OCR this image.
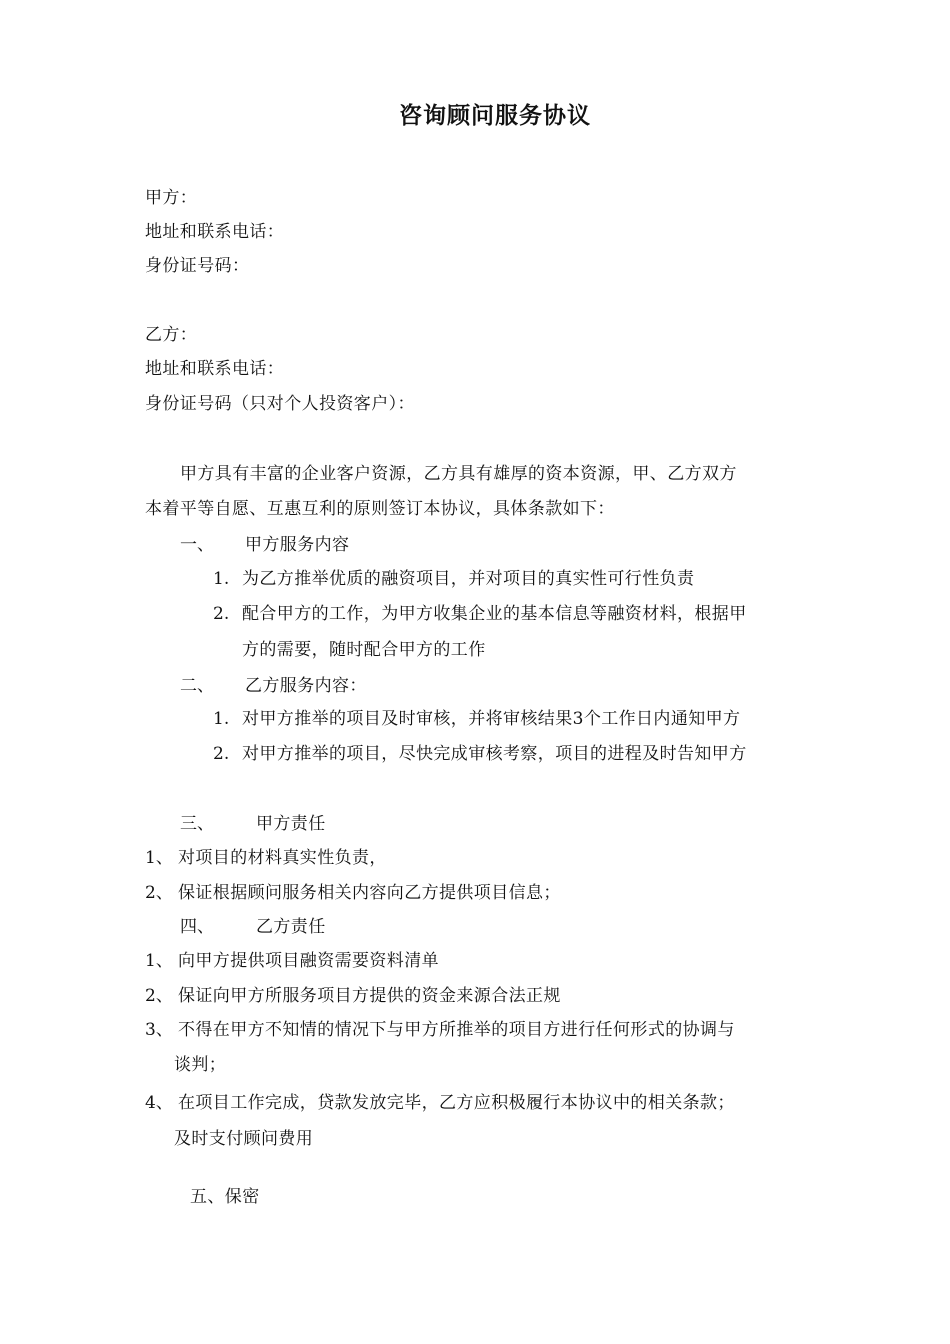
咨询顾问服务协议
甲方：
地址和联系电话：
身份证号码：
乙方：
地址和联系电话：
身份证号码（只对个人投资客户）：
甲方具有丰富的企业客户资源，乙方具有雄厚的资本资源，甲、乙方双方
本着平等自愿、互惠互利的原则签订本协议，具体条款如下：
一、 甲方服务内容
1. 为乙方推举优质的融资项目，并对项目的真实性可行性负责
2. 配合甲方的工作，为甲方收集企业的基本信息等融资材料，根据甲
方的需要，随时配合甲方的工作
二、 乙方服务内容：
1. 对甲方推举的项目及时审核，并将审核结果3个工作日内通知甲方
2. 对甲方推举的项目，尽快完成审核考察，项目的进程及时告知甲方
三、 甲方责任
1、 对项目的材料真实性负责，
2、 保证根据顾问服务相关内容向乙方提供项目信息；
四、 乙方责任
1、 向甲方提供项目融资需要资料清单
2、 保证向甲方所服务项目方提供的资金来源合法正规
3、 不得在甲方不知情的情况下与甲方所推举的项目方进行任何形式的协调与
谈判；
4、 在项目工作完成，贷款发放完毕，乙方应积极履行本协议中的相关条款；
及时支付顾问费用
五、保密
